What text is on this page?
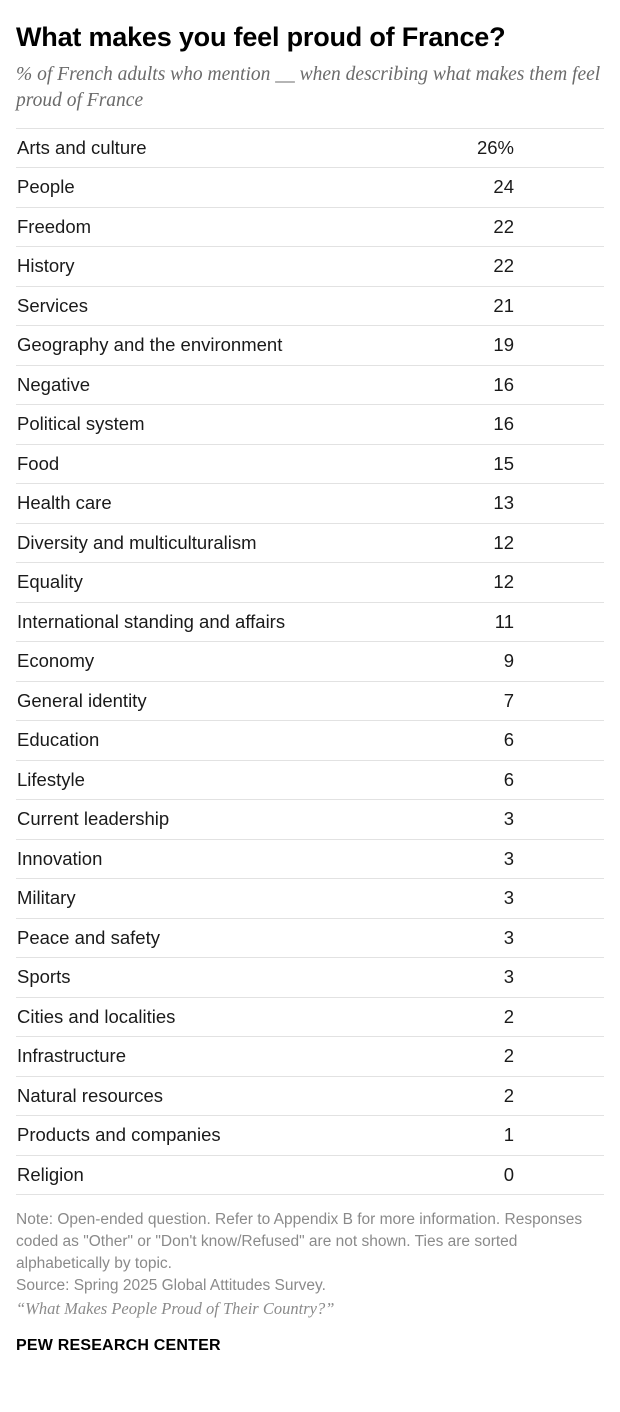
What makes you feel proud of France?
% of French adults who mention __ when describing what makes them feel proud of France
Arts and culture	26%
People	24
Freedom	22
History	22
Services	21
Geography and the environment	19
Negative	16
Political system	16
Food	15
Health care	13
Diversity and multiculturalism	12
Equality	12
International standing and affairs	11
Economy	9
General identity	7
Education	6
Lifestyle	6
Current leadership	3
Innovation	3
Military	3
Peace and safety	3
Sports	3
Cities and localities	2
Infrastructure	2
Natural resources	2
Products and companies	1
Religion	0
Note: Open-ended question. Refer to Appendix B for more information. Responses coded as "Other" or "Don't know/Refused" are not shown. Ties are sorted alphabetically by topic.
Source: Spring 2025 Global Attitudes Survey.
“What Makes People Proud of Their Country?”
PEW RESEARCH CENTER
